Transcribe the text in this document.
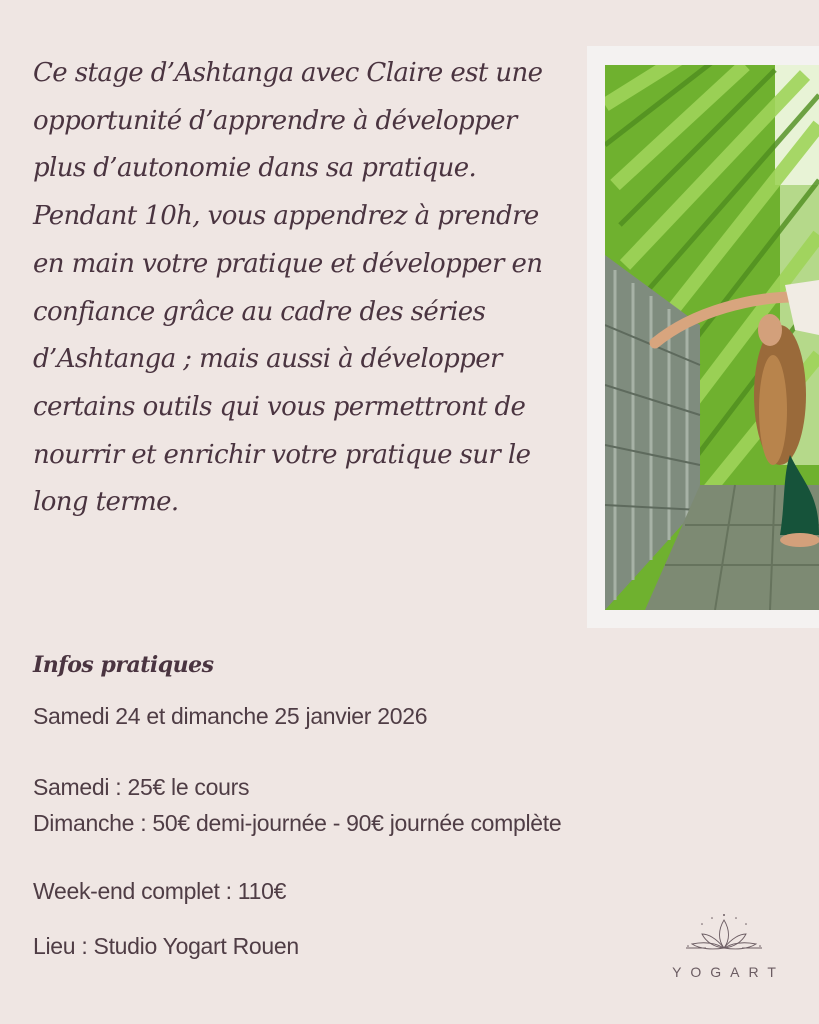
Ce stage d’Ashtanga avec Claire est une
opportunité d’apprendre à développer
plus d’autonomie dans sa pratique.
Pendant 10h, vous appendrez à prendre
en main votre pratique et développer en
confiance grâce au cadre des séries
d’Ashtanga ; mais aussi à développer
certains outils qui vous permettront de
nourrir et enrichir votre pratique sur le
long terme.
Infos pratiques

Samedi 24 et dimanche 25 janvier 2026

Samedi : 25€ le cours

Dimanche : 50€ demi-journée - 90€ journée complète

Week-end complet : 110€

Lieu : Studio Yogart Rouen

YOGART
